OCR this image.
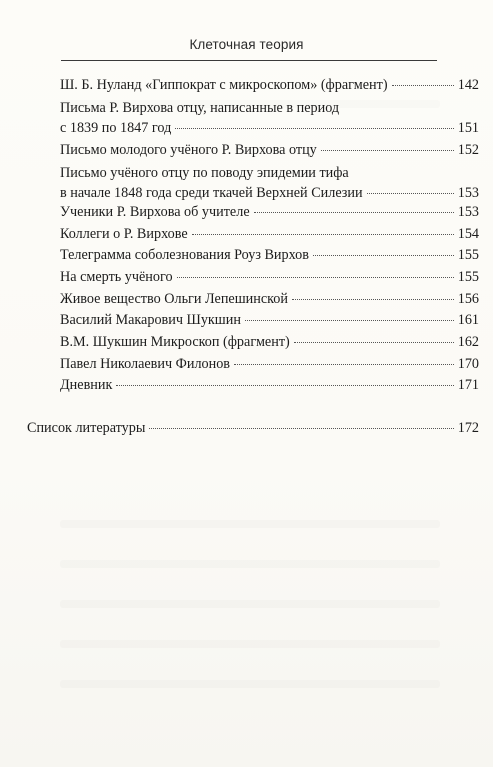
Клеточная теория
Ш. Б. Нуланд «Гиппократ с микроскопом» (фрагмент)	142
Письма Р. Вирхова отцу, написанные в период
с 1839 по 1847 год	151
Письмо молодого учёного Р. Вирхова отцу	152
Письмо учёного отцу по поводу эпидемии тифа
в начале 1848 года среди ткачей Верхней Силезии	153
Ученики Р. Вирхова об учителе	153
Коллеги о Р. Вирхове	154
Телеграмма соболезнования Роуз Вирхов	155
На смерть учёного	155
Живое вещество Ольги Лепешинской	156
Василий Макарович Шукшин	161
В.М. Шукшин Микроскоп (фрагмент)	162
Павел Николаевич Филонов	170
Дневник	171
Список литературы	172
